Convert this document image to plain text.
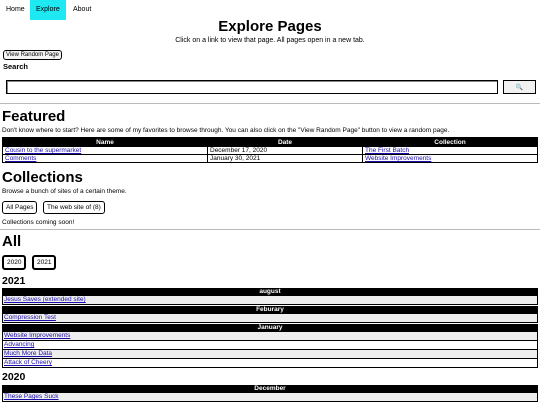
Home	Explore	About
Explore Pages
Click on a link to view that page. All pages open in a new tab.
View Random Page
Search
🔍
Featured
Don't know where to start? Here are some of my favorites to browse through. You can also click on the "View Random Page" button to view a random page.
Name	Date	Collection
Cousin to the supermarket	December 17, 2020	The First Batch
Comments	January 30, 2021	Website Improvements
Collections
Browse a bunch of sites of a certain theme.
All Pages	The web site of (8)
Collections coming soon!
All
2020	2021
2021
august
Jesus Saves (extended site)
Feburary
Compression Test
January
Website Improvements
Advancing
Much More Data
Attack of Cheery
2020
December
These Pages Suck
